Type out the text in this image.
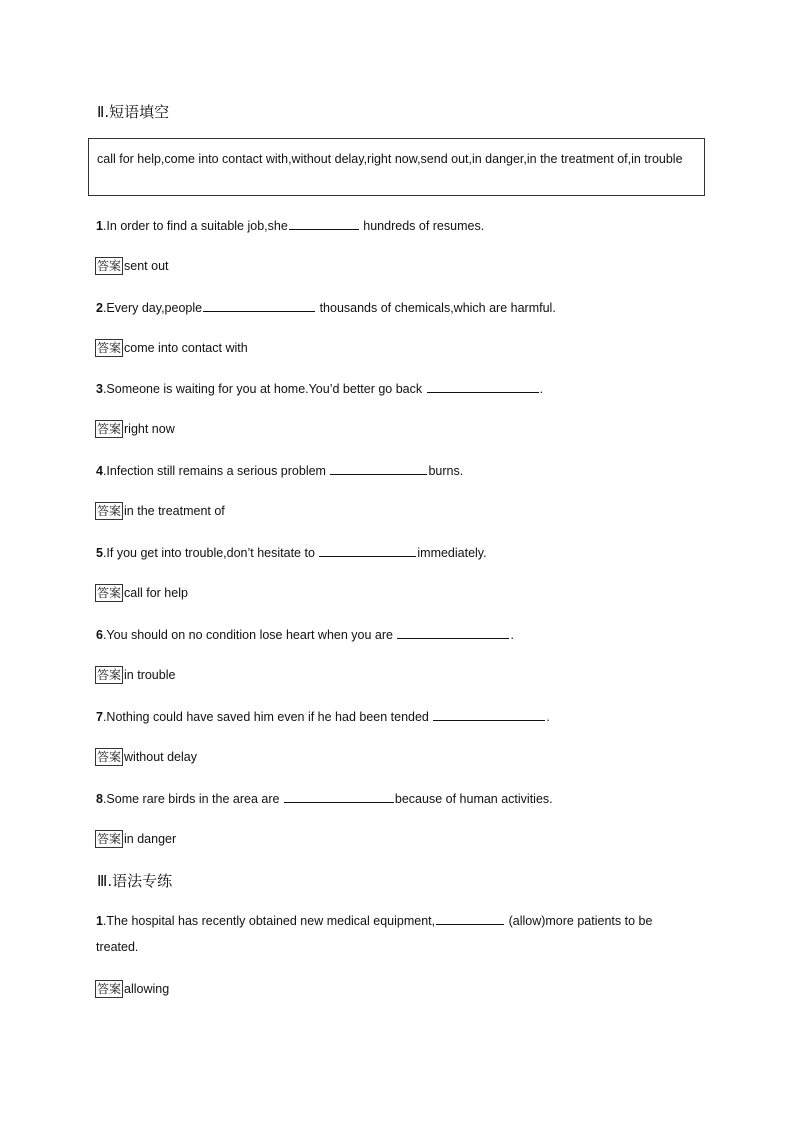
Ⅱ.短语填空
call for help,come into contact with,without delay,right now,send out,in danger,in the treatment of,in trouble
1.In order to find a suitable job,she	hundreds of resumes.
答案 sent out
2.Every day,people	thousands of chemicals,which are harmful.
答案 come into contact with
3.Someone is waiting for you at home.You’d better go back	.
答案 right now
4.Infection still remains a serious problem	burns.
答案 in the treatment of
5.If you get into trouble,don’t hesitate to	immediately.
答案 call for help
6.You should on no condition lose heart when you are	.
答案 in trouble
7.Nothing could have saved him even if he had been tended	.
答案 without delay
8.Some rare birds in the area are	because of human activities.
答案 in danger
Ⅲ.语法专练
1.The hospital has recently obtained new medical equipment,	(allow)more patients to be
treated.
答案 allowing
